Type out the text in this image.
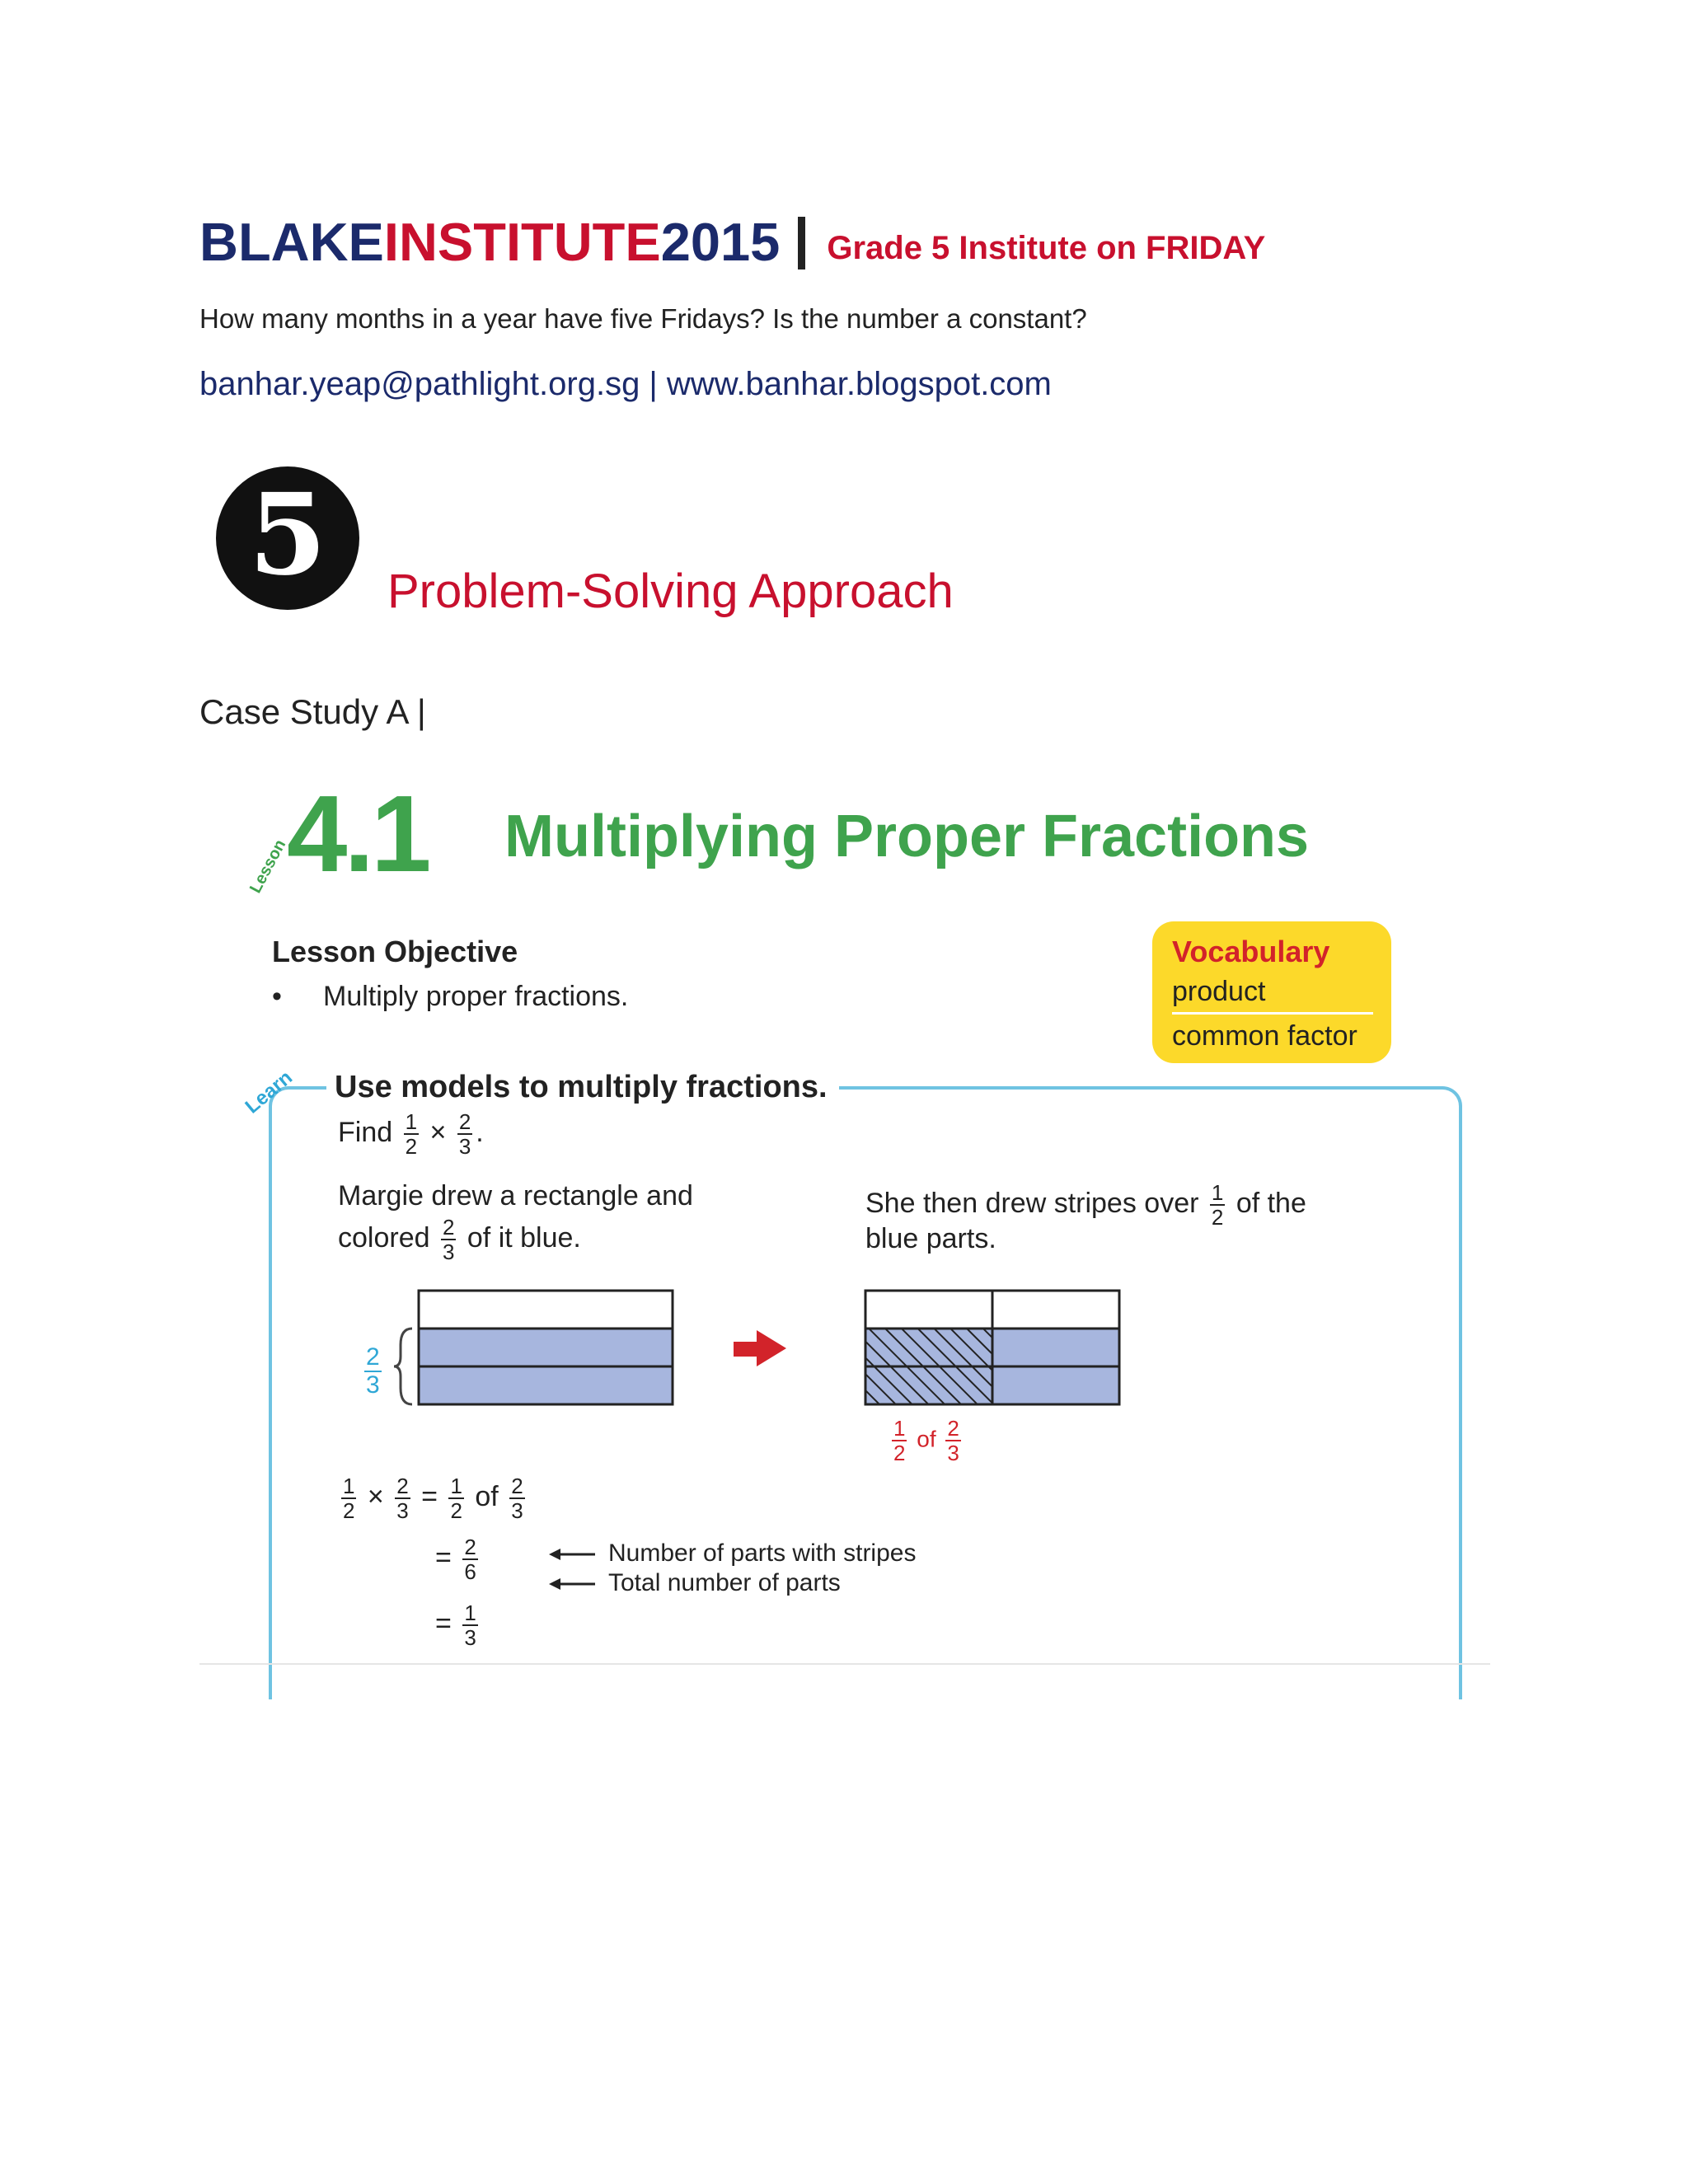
BLAKE INSTITUTE 2015 Grade 5 Institute on FRIDAY
How many months in a year have five Fridays? Is the number a constant?
banhar.yeap@pathlight.org.sg | www.banhar.blogspot.com
5 Problem-Solving Approach
Case Study A |
Lesson
4.1 Multiplying Proper Fractions
Lesson Objective
• Multiply proper fractions.
Vocabulary
product
common factor
Learn Use models to multiply fractions.
Find $\frac{1}{2} \times \frac{2}{3}$ .
Margie drew a rectangle and
colored $\frac{2}{3}$ of it blue.
She then drew stripes over $\frac{1}{2}$ of the
blue parts.
$\frac{2}{3}$
$\frac{1}{2}$ of $\frac{2}{3}$
$\frac{1}{2} \times \frac{2}{3} = \frac{1}{2}$ of $\frac{2}{3}$
= $\frac{2}{6}$	Number of parts with stripes
Total number of parts
= $\frac{1}{3}$
